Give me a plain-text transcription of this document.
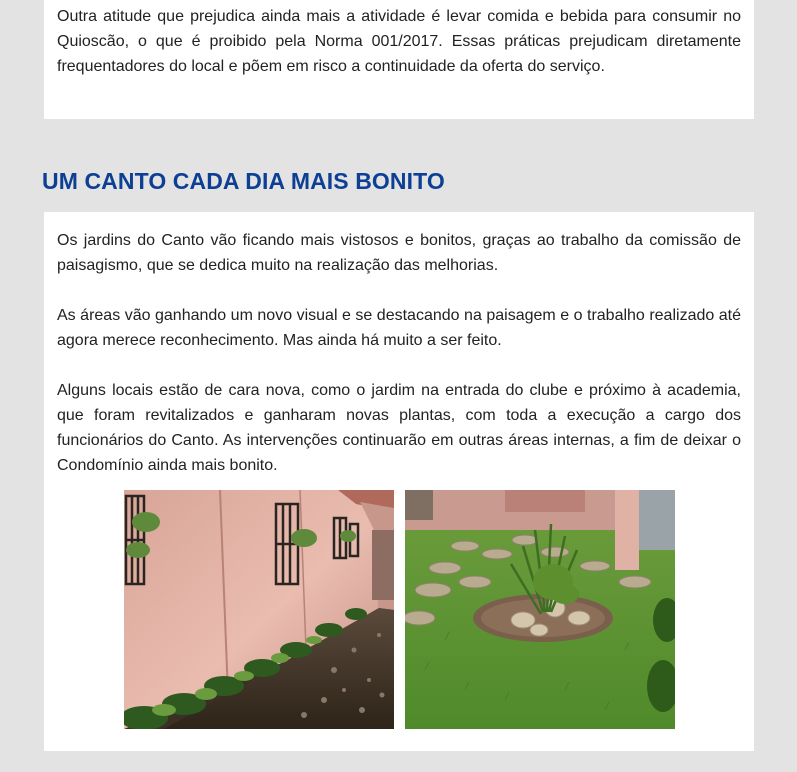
Outra atitude que prejudica ainda mais a atividade é levar comida e bebida para consumir no Quioscão, o que é proibido pela Norma 001/2017. Essas práticas prejudicam diretamente frequentadores do local e põem em risco a continuidade da oferta do serviço.

UM CANTO CADA DIA MAIS BONITO

Os jardins do Canto vão ficando mais vistosos e bonitos, graças ao trabalho da comissão de paisagismo, que se dedica muito na realização das melhorias.

As áreas vão ganhando um novo visual e se destacando na paisagem e o trabalho realizado até agora merece reconhecimento. Mas ainda há muito a ser feito.

Alguns locais estão de cara nova, como o jardim na entrada do clube e próximo à academia, que foram revitalizados e ganharam novas plantas, com toda a execução a cargo dos funcionários do Canto. As intervenções continuarão em outras áreas internas, a fim de deixar o Condomínio ainda mais bonito.
